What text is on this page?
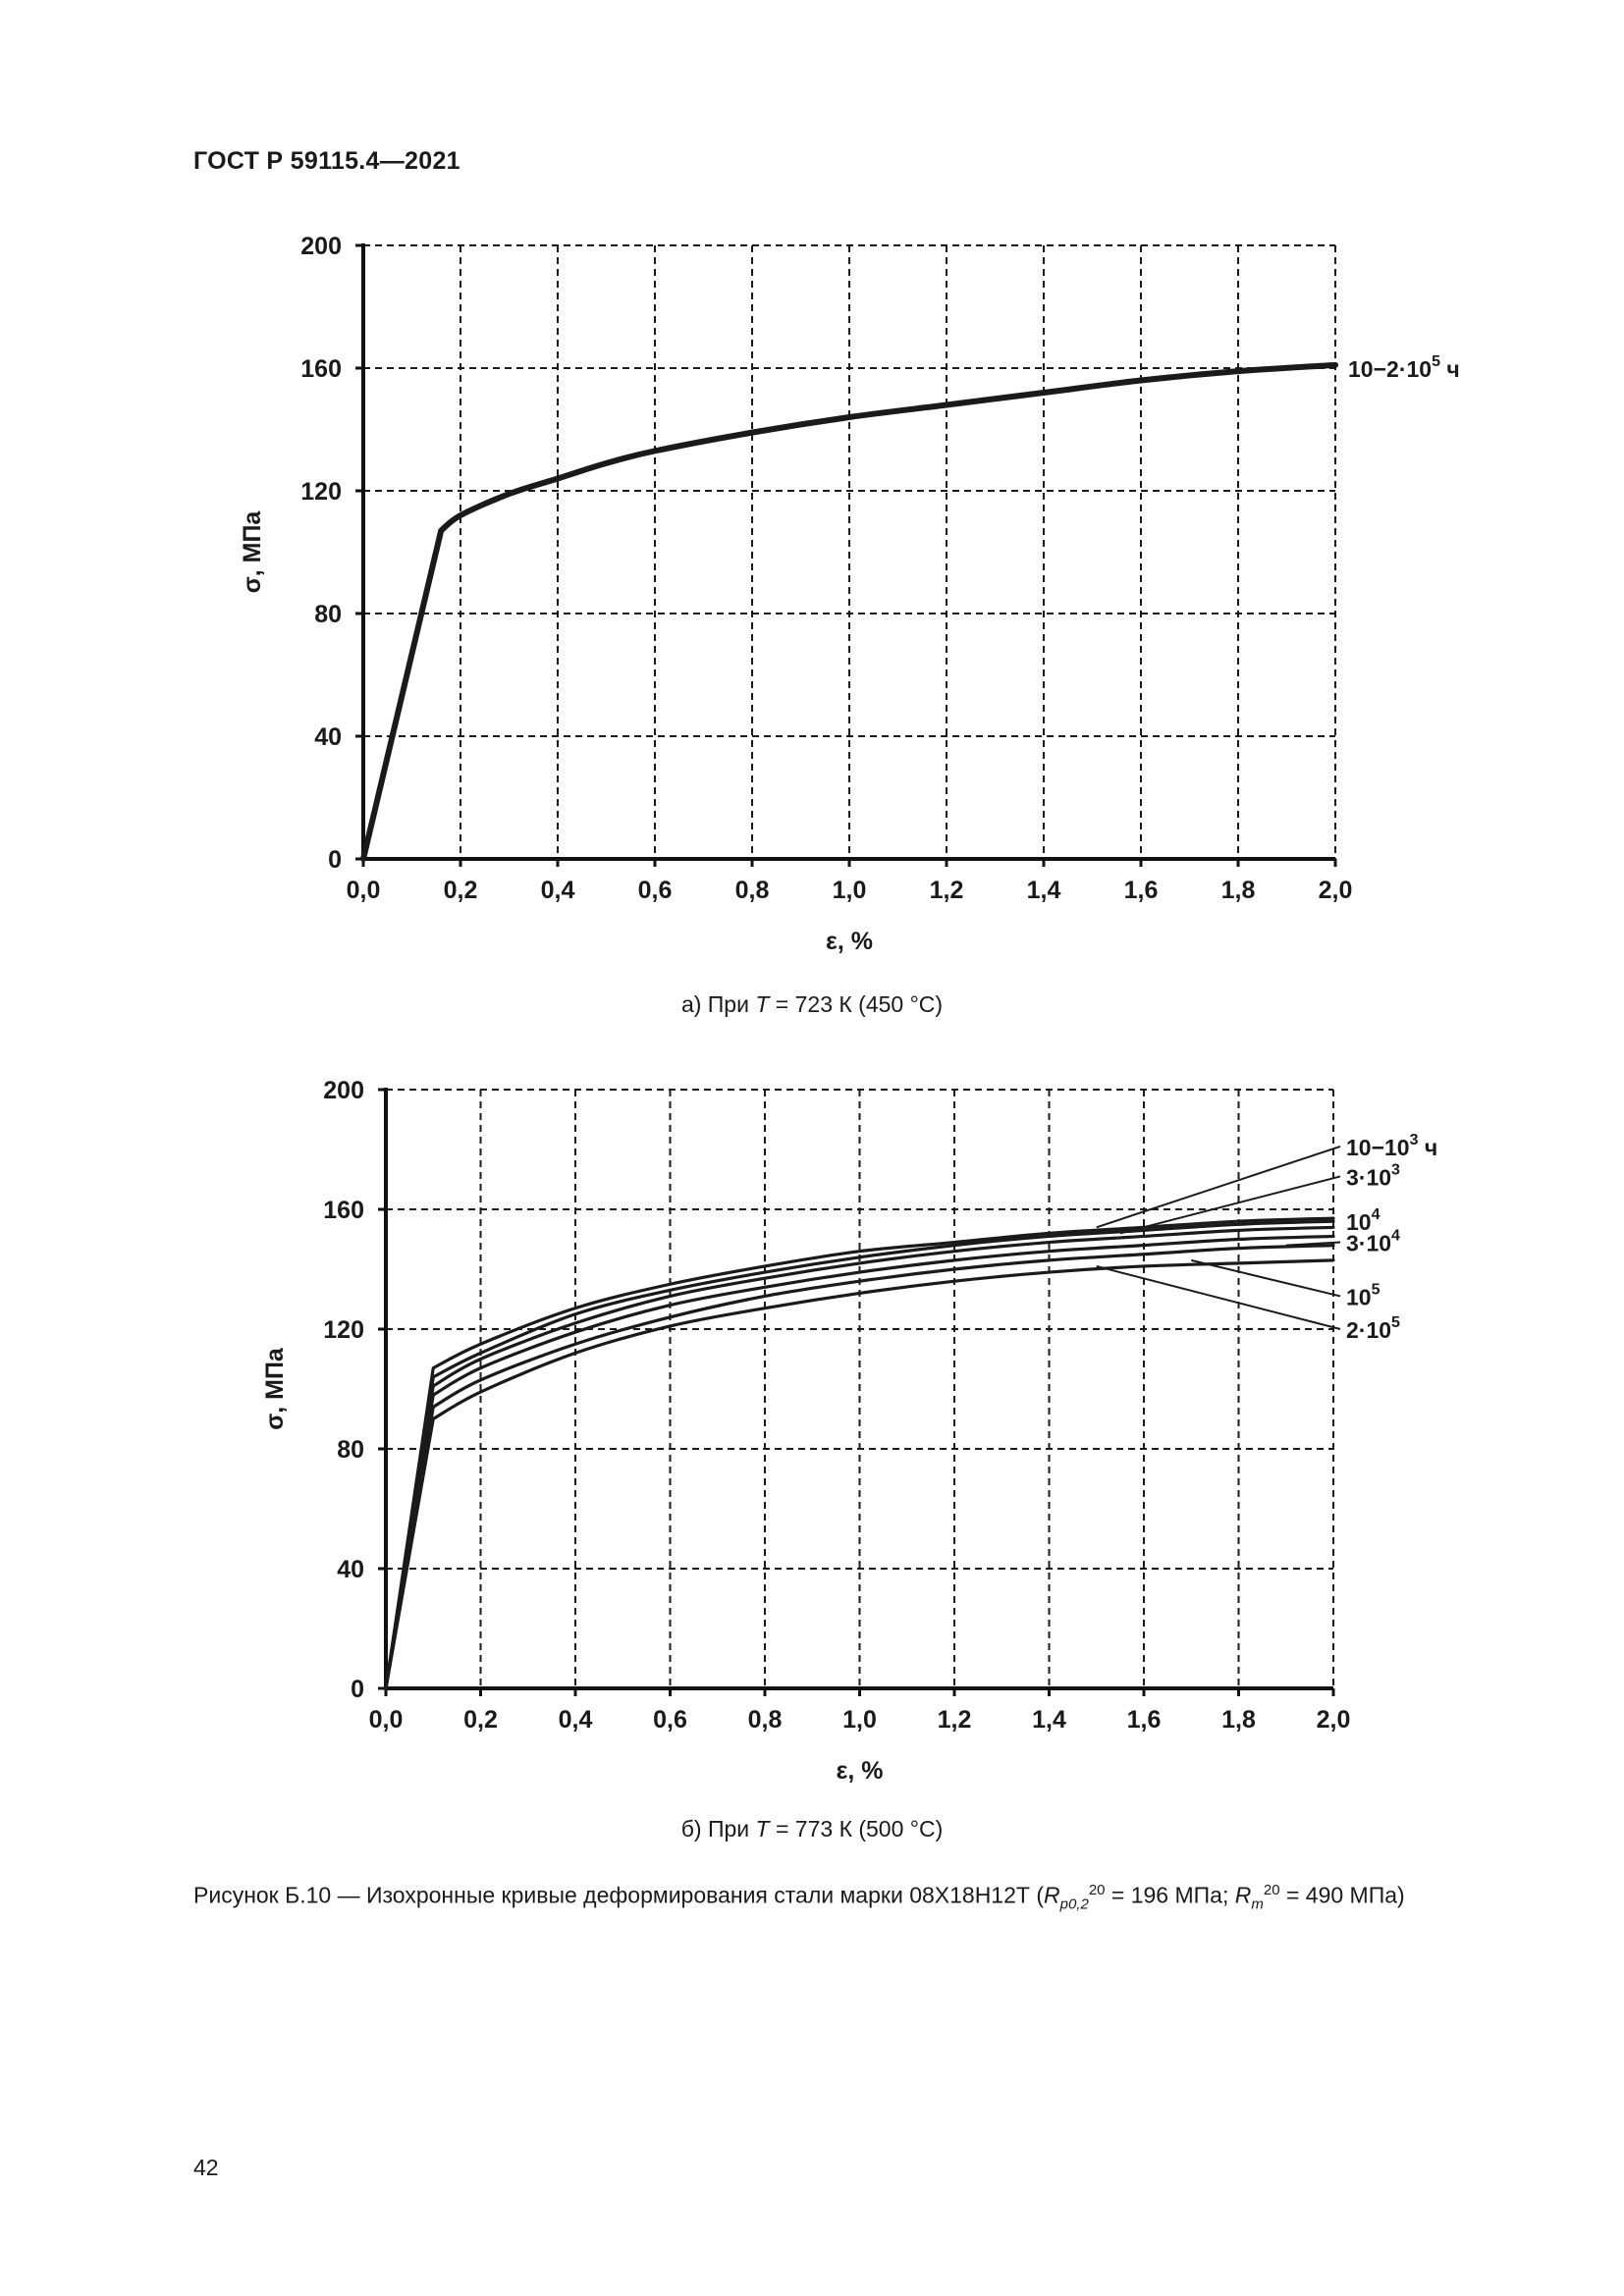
ГОСТ Р 59115.4—2021
0,0	0,2	0,4	0,6	0,8	1,0	1,2	1,4	1,6	1,8	2,0
0
40
80
120
160
200
ε, %
σ, МПа
$10-2\cdot 10^5$ ч
а) При T = 723 К (450 °С)
0,0 0,2 0,4 0,6 0,8 1,0 1,2 1,4 1,6 1,8 2,0
0
40
80
120
160
200
ε, %
σ, МПа
$10-10^3$ ч
$3\cdot 10^3$
$10^4$
$3\cdot 10^4$
$10^5$
$2\cdot 10^5$
б) При T = 773 К (500 °С)
Рисунок Б.10 — Изохронные кривые деформирования стали марки 08Х18Н12Т ($R_{p0,2}^{20} = 196$ МПа; $R_m^{20} = 490$ МПа)
42
